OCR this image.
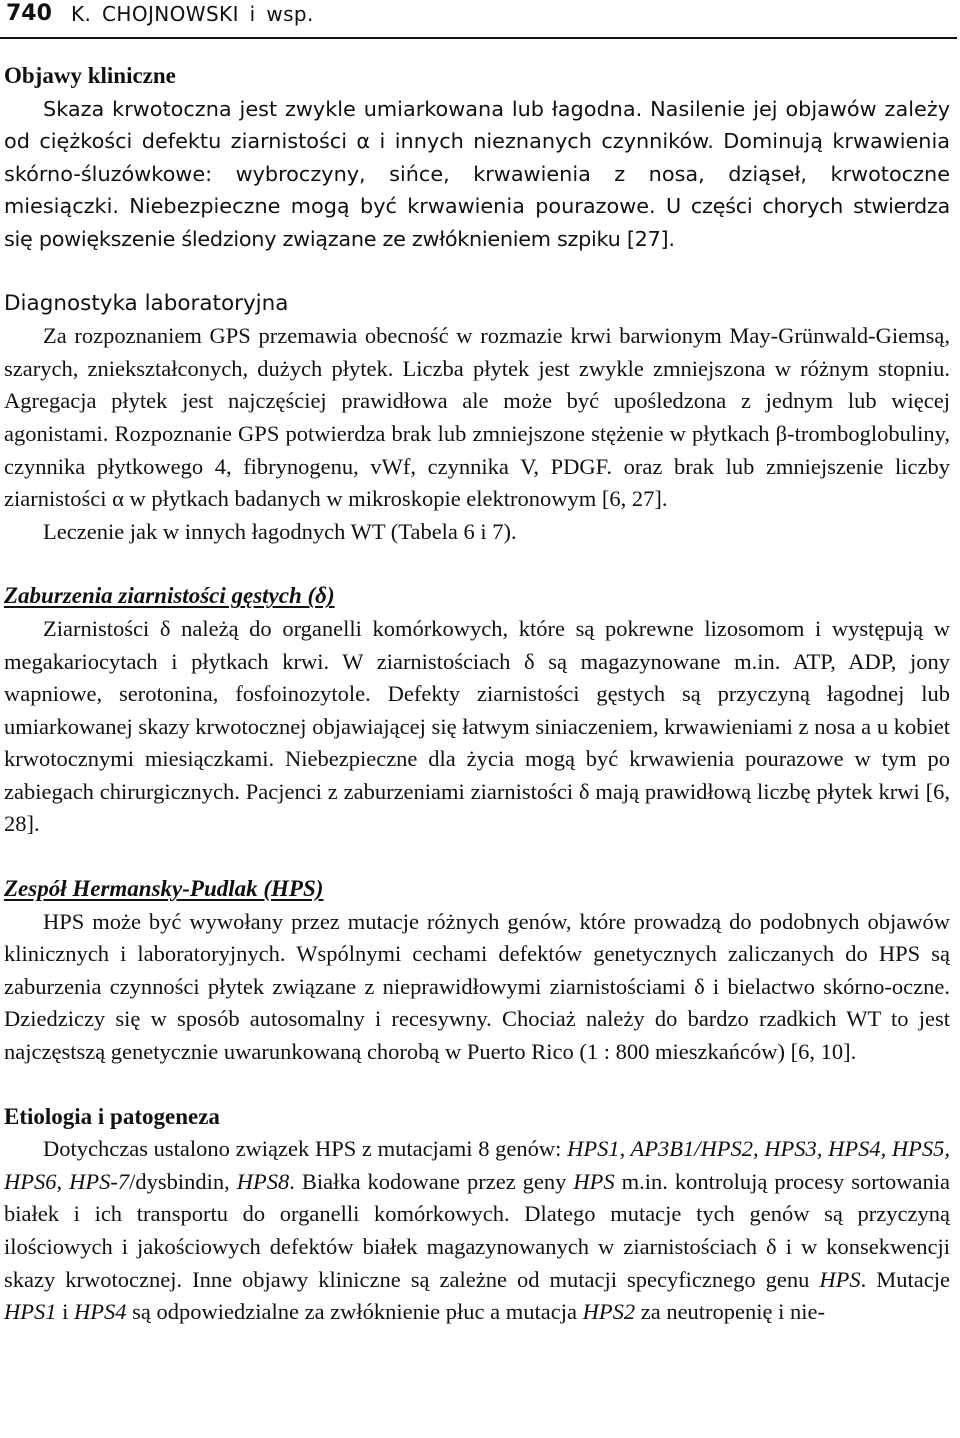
740 K. CHOJNOWSKI i wsp.

Objawy kliniczne

Skaza krwotoczna jest zwykle umiarkowana lub łagodna. Nasilenie jej objawów zależy od ciężkości defektu ziarnistości α i innych nieznanych czynników. Dominują krwawienia skórno-śluzówkowe: wybroczyny, sińce, krwawienia z nosa, dziąseł, krwotoczne miesiączki. Niebezpieczne mogą być krwawienia pourazowe. U części chorych stwierdza się powiększenie śledziony związane ze zwłóknieniem szpiku [27].

Diagnostyka laboratoryjna

Za rozpoznaniem GPS przemawia obecność w rozmazie krwi barwionym May-Grünwald-Giemsą, szarych, zniekształconych, dużych płytek. Liczba płytek jest zwykle zmniejszona w różnym stopniu. Agregacja płytek jest najczęściej prawidłowa ale może być upośledzona z jednym lub więcej agonistami. Rozpoznanie GPS potwierdza brak lub zmniejszone stężenie w płytkach β-tromboglobuliny, czynnika płytkowego 4, fibrynogenu, vWf, czynnika V, PDGF. oraz brak lub zmniejszenie liczby ziarnistości α w płytkach badanych w mikroskopie elektronowym [6, 27].

Leczenie jak w innych łagodnych WT (Tabela 6 i 7).

Zaburzenia ziarnistości gęstych (δ)

Ziarnistości δ należą do organelli komórkowych, które są pokrewne lizosomom i występują w megakariocytach i płytkach krwi. W ziarnistościach δ są magazynowane m.in. ATP, ADP, jony wapniowe, serotonina, fosfoinozytole. Defekty ziarnistości gęstych są przyczyną łagodnej lub umiarkowanej skazy krwotocznej objawiającej się łatwym siniaczeniem, krwawieniami z nosa a u kobiet krwotocznymi miesiączkami. Niebezpieczne dla życia mogą być krwawienia pourazowe w tym po zabiegach chirurgicznych. Pacjenci z zaburzeniami ziarnistości δ mają prawidłową liczbę płytek krwi [6, 28].

Zespół Hermansky-Pudlak (HPS)

HPS może być wywołany przez mutacje różnych genów, które prowadzą do podobnych objawów klinicznych i laboratoryjnych. Wspólnymi cechami defektów genetycznych zaliczanych do HPS są zaburzenia czynności płytek związane z nieprawidłowymi ziarnistościami δ i bielactwo skórno-oczne. Dziedziczy się w sposób autosomalny i recesywny. Chociaż należy do bardzo rzadkich WT to jest najczęstszą genetycznie uwarunkowaną chorobą w Puerto Rico (1 : 800 mieszkańców) [6, 10].

Etiologia i patogeneza

Dotychczas ustalono związek HPS z mutacjami 8 genów: HPS1, AP3B1/HPS2, HPS3, HPS4, HPS5, HPS6, HPS-7/dysbindin, HPS8. Białka kodowane przez geny HPS m.in. kontrolują procesy sortowania białek i ich transportu do organelli komórkowych. Dlatego mutacje tych genów są przyczyną ilościowych i jakościowych defektów białek magazynowanych w ziarnistościach δ i w konsekwencji skazy krwotocznej. Inne objawy kliniczne są zależne od mutacji specyficznego genu HPS. Mutacje HPS1 i HPS4 są odpowiedzialne za zwłóknienie płuc a mutacja HPS2 za neutropenię i nie-
